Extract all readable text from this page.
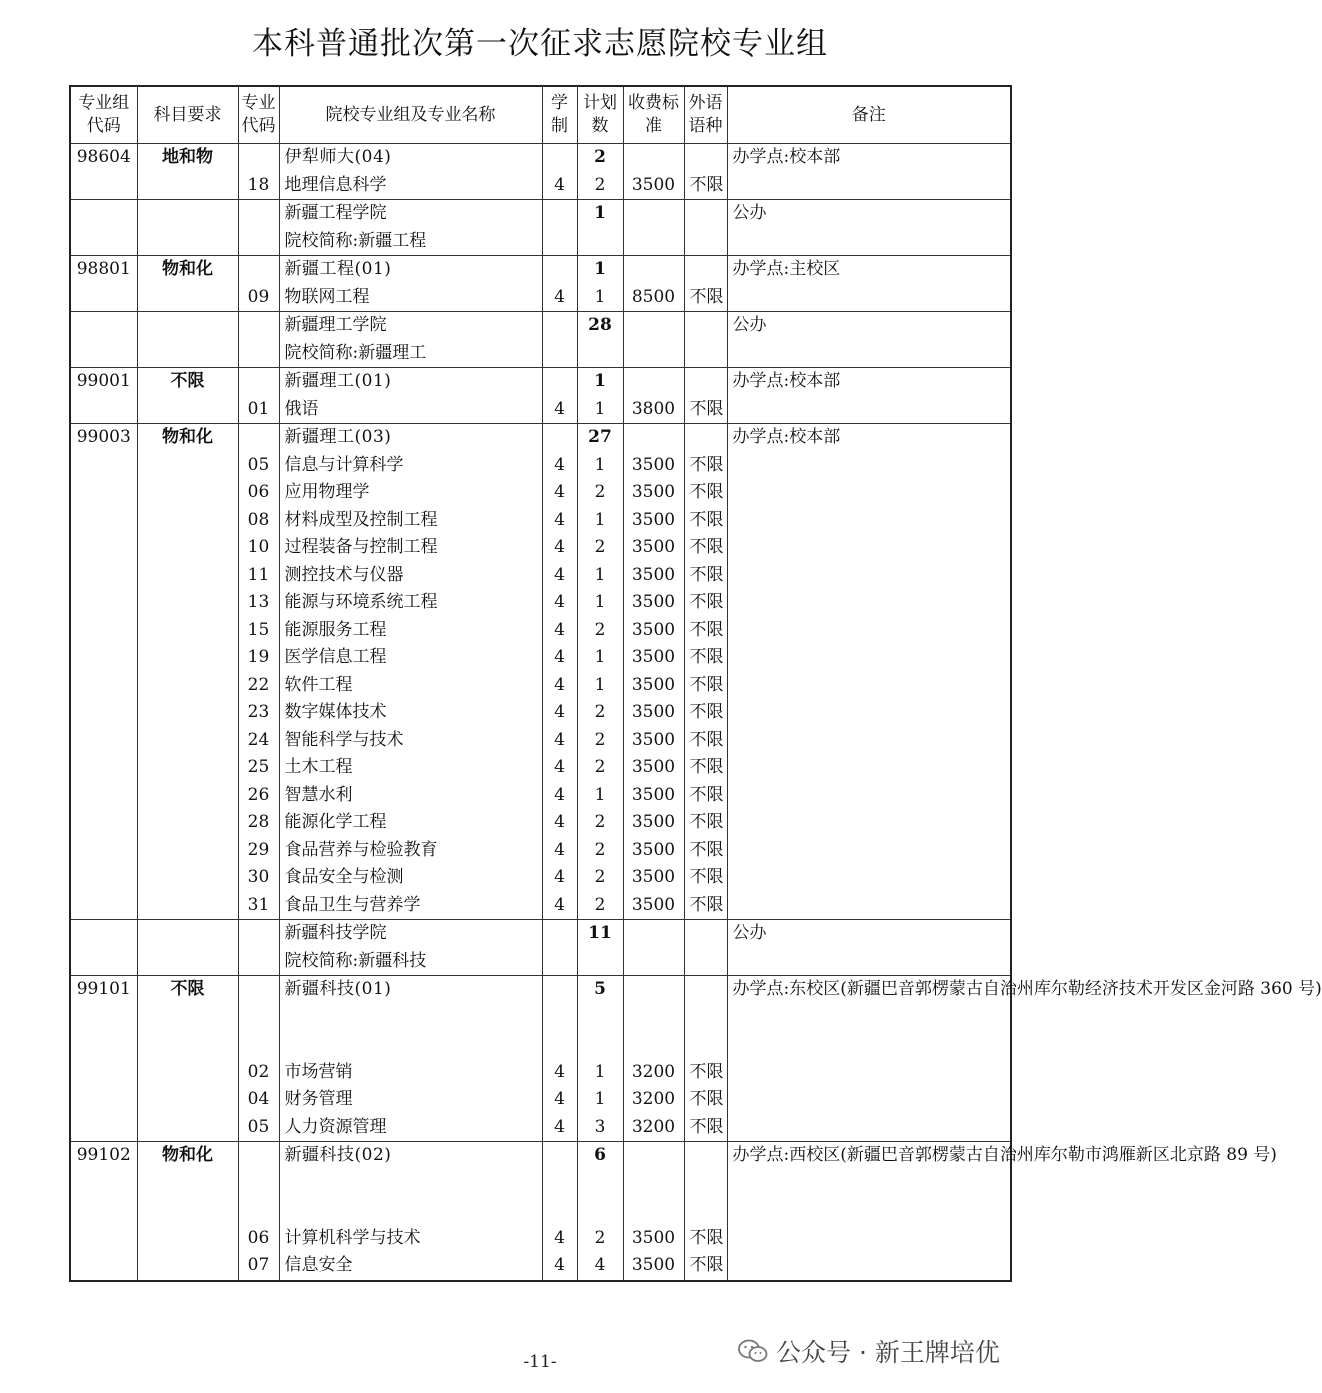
本科普通批次第一次征求志愿院校专业组
专业组代码	科目要求	专业代码	院校专业组及专业名称	学制	计划数	收费标准	外语语种	备注
98604	地和物		伊犁师大(04)		2			办学点:校本部
		18	地理信息科学	4	2	3500	不限	
			新疆工程学院		1			公办
			院校简称:新疆工程					
98801	物和化		新疆工程(01)		1			办学点:主校区
		09	物联网工程	4	1	8500	不限	
			新疆理工学院		28			公办
			院校简称:新疆理工					
99001	不限		新疆理工(01)		1			办学点:校本部
		01	俄语	4	1	3800	不限	
99003	物和化		新疆理工(03)		27			办学点:校本部
		05	信息与计算科学	4	1	3500	不限	
		06	应用物理学	4	2	3500	不限	
		08	材料成型及控制工程	4	1	3500	不限	
		10	过程装备与控制工程	4	2	3500	不限	
		11	测控技术与仪器	4	1	3500	不限	
		13	能源与环境系统工程	4	1	3500	不限	
		15	能源服务工程	4	2	3500	不限	
		19	医学信息工程	4	1	3500	不限	
		22	软件工程	4	1	3500	不限	
		23	数字媒体技术	4	2	3500	不限	
		24	智能科学与技术	4	2	3500	不限	
		25	土木工程	4	2	3500	不限	
		26	智慧水利	4	1	3500	不限	
		28	能源化学工程	4	2	3500	不限	
		29	食品营养与检验教育	4	2	3500	不限	
		30	食品安全与检测	4	2	3500	不限	
		31	食品卫生与营养学	4	2	3500	不限	
			新疆科技学院		11			公办
			院校简称:新疆科技					
99101	不限		新疆科技(01)		5			办学点:东校区(新疆巴音郭楞蒙古自治州库尔勒经济技术开发区金河路 360 号)

		02	市场营销	4	1	3200	不限	
		04	财务管理	4	1	3200	不限	
		05	人力资源管理	4	3	3200	不限	
99102	物和化		新疆科技(02)		6			办学点:西校区(新疆巴音郭楞蒙古自治州库尔勒市鸿雁新区北京路 89 号)

		06	计算机科学与技术	4	2	3500	不限	
		07	信息安全	4	4	3500	不限	
-11-	公众号 · 新王牌培优
